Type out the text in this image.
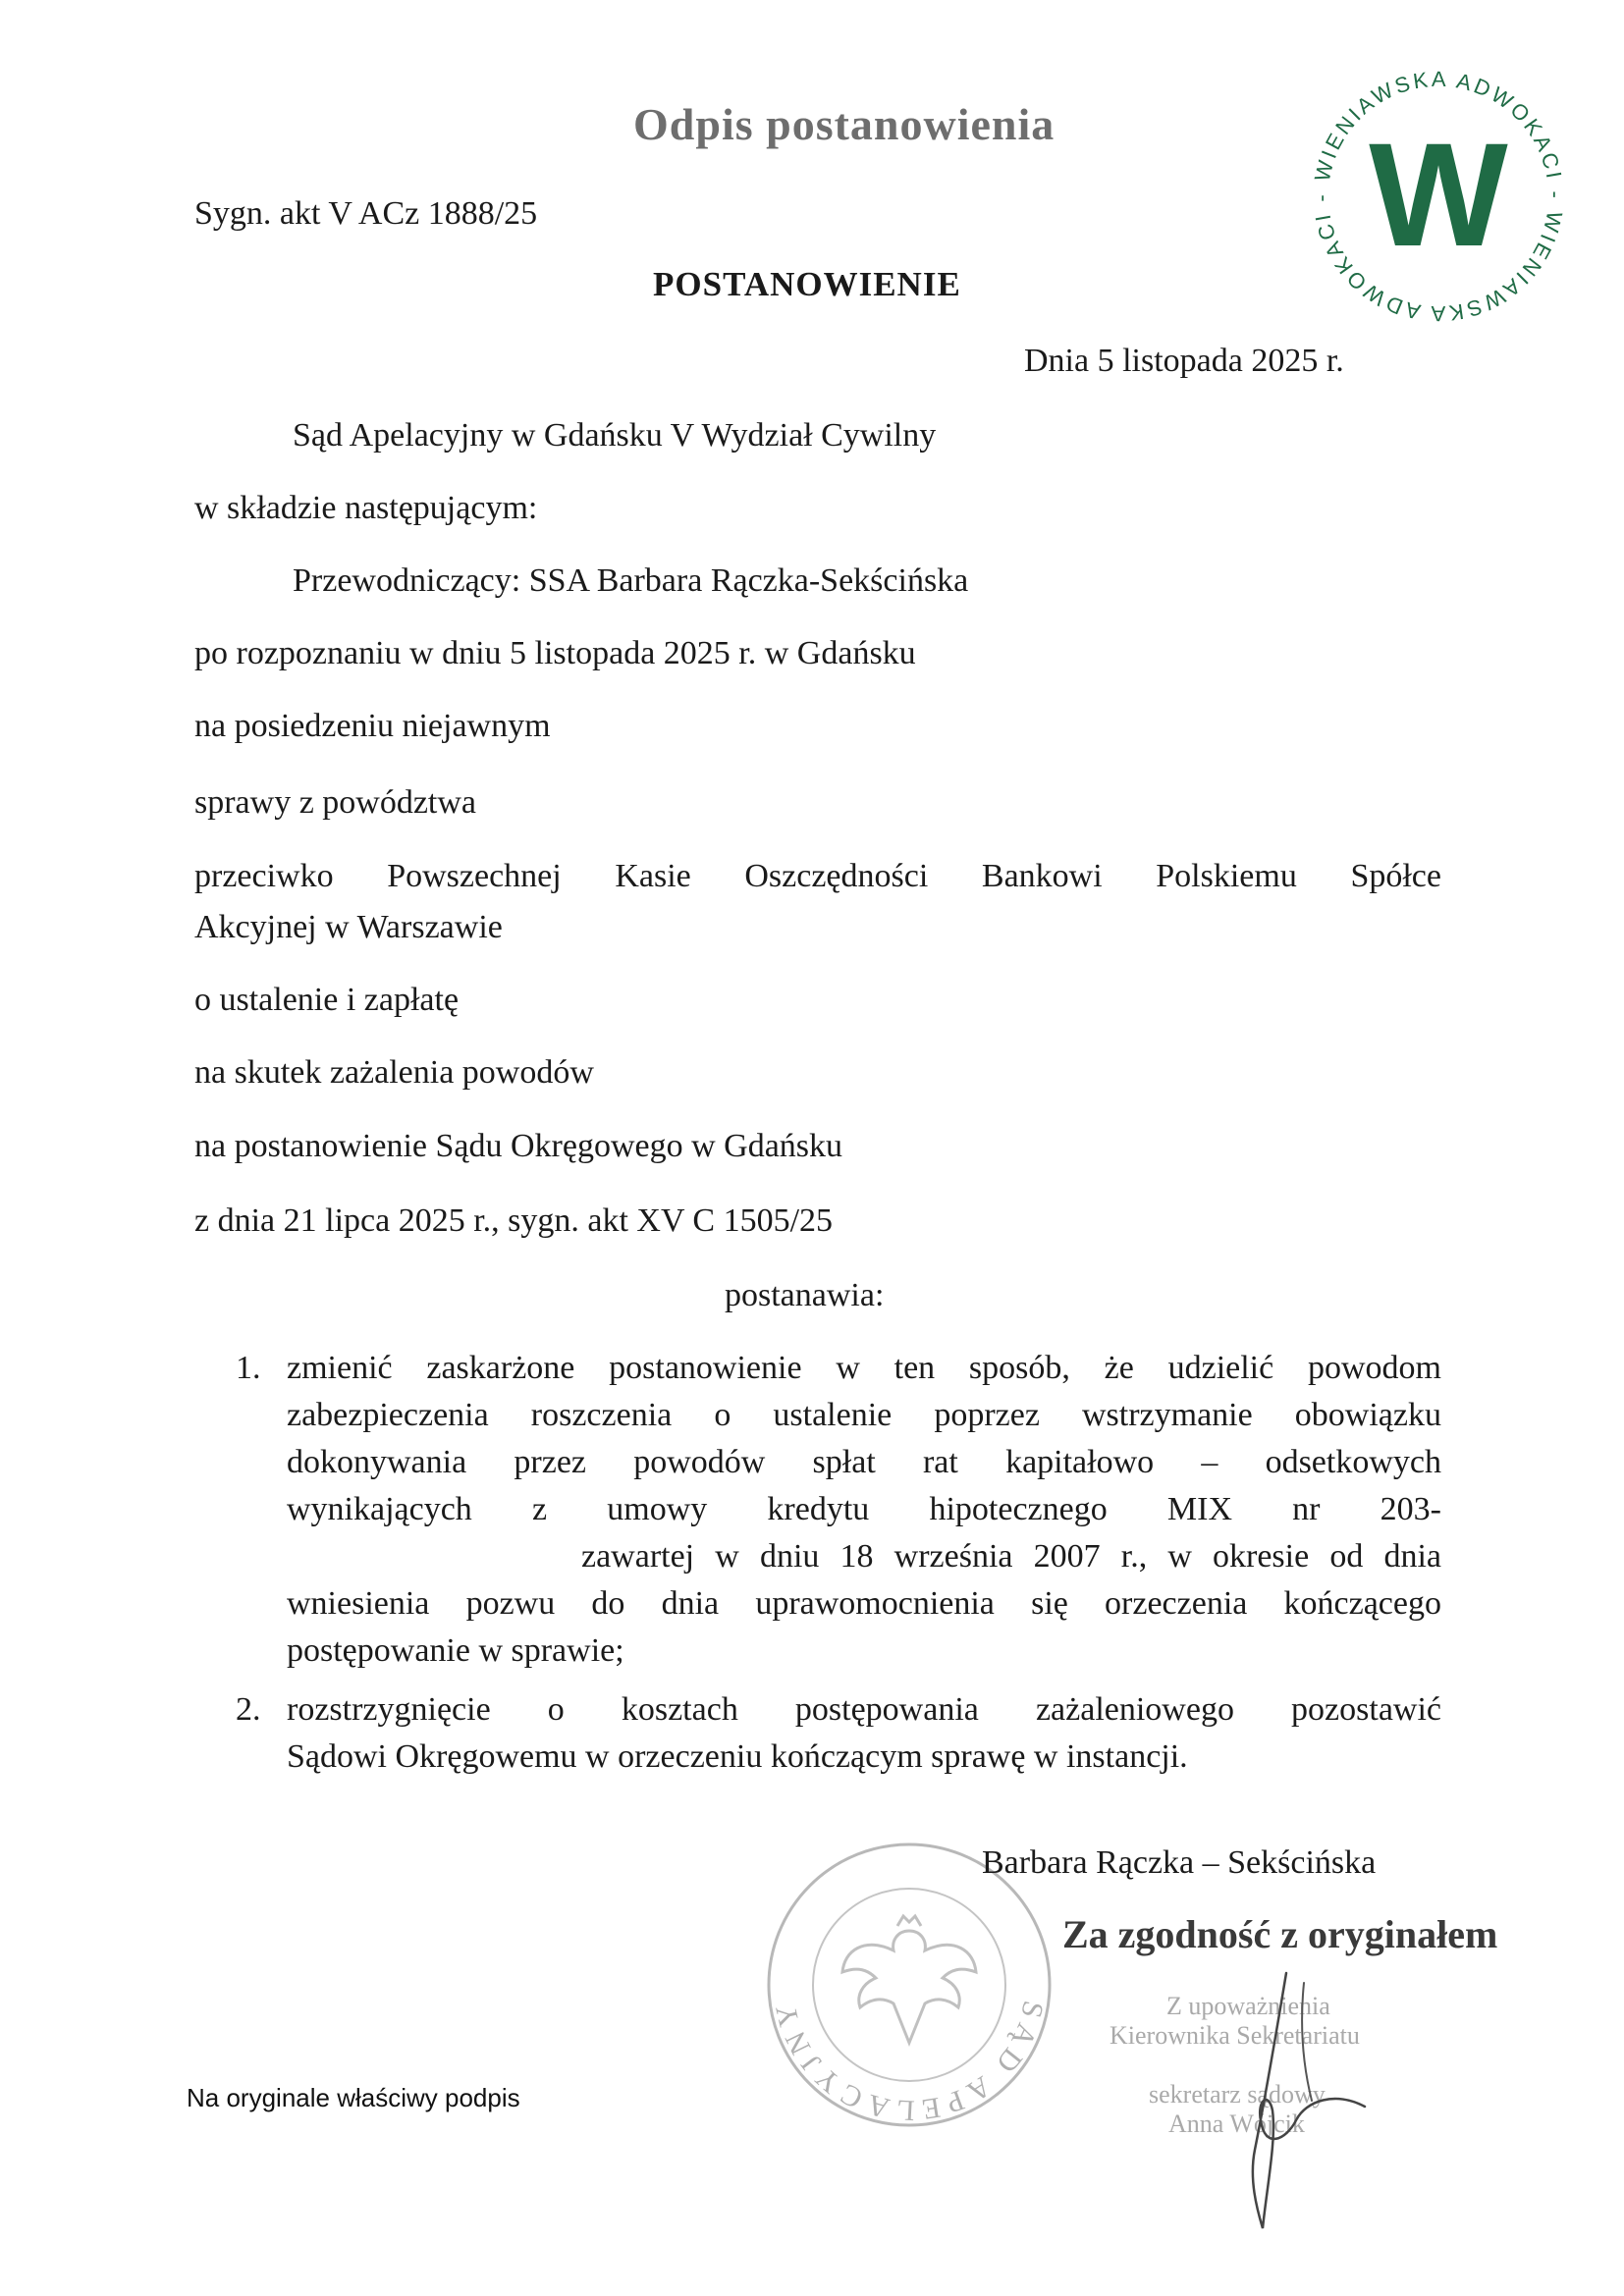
Odpis postanowienia
WIENIAWSKA ADWOKACI - WIENIAWSKA ADWOKACI - W
Sygn. akt V ACz 1888/25
POSTANOWIENIE
Dnia 5 listopada 2025 r.
Sąd Apelacyjny w Gdańsku V Wydział Cywilny
w składzie następującym:
Przewodniczący: SSA Barbara Rączka-Sekścińska
po rozpoznaniu w dniu 5 listopada 2025 r. w Gdańsku
na posiedzeniu niejawnym
sprawy z powództwa
przeciwko Powszechnej Kasie Oszczędności Bankowi Polskiemu Spółce
Akcyjnej w Warszawie
o ustalenie i zapłatę
na skutek zażalenia powodów
na postanowienie Sądu Okręgowego w Gdańsku
z dnia 21 lipca 2025 r., sygn. akt XV C 1505/25
postanawia:
1. zmienić zaskarżone postanowienie w ten sposób, że udzielić powodom
zabezpieczenia roszczenia o ustalenie poprzez wstrzymanie obowiązku
dokonywania przez powodów spłat rat kapitałowo – odsetkowych
wynikających z umowy kredytu hipotecznego MIX nr 203-
zawartej w dniu 18 września 2007 r., w okresie od dnia
wniesienia pozwu do dnia uprawomocnienia się orzeczenia kończącego
postępowanie w sprawie;
2. rozstrzygnięcie o kosztach postępowania zażaleniowego pozostawić
Sądowi Okręgowemu w orzeczeniu kończącym sprawę w instancji.
SĄD APELACYJNY V W GDAŃSKU
Barbara Rączka – Sekścińska
Za zgodność z oryginałem
Z upoważnienia
Kierownika Sekretariatu
sekretarz sądowy
Anna Wójcik
Na oryginale właściwy podpis
